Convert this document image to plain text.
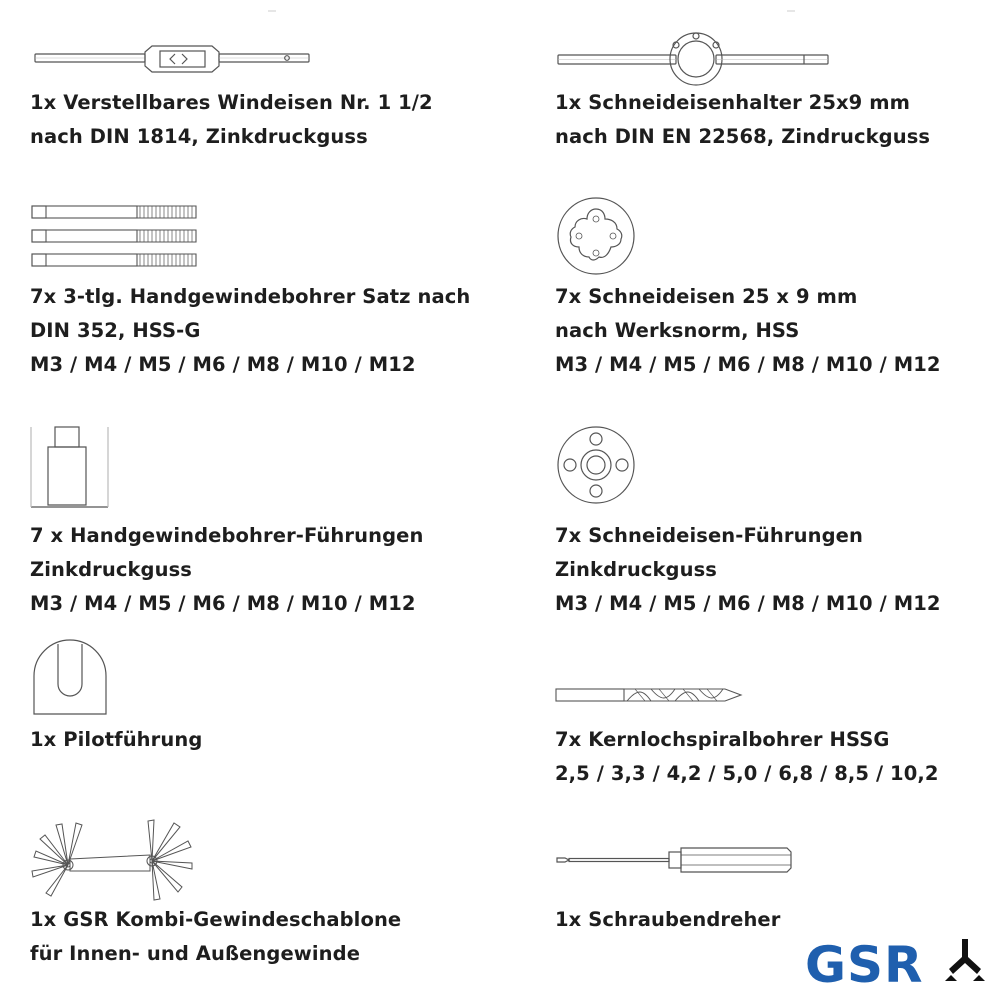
1x Verstellbares Windeisen Nr. 1 1/2
nach DIN 1814, Zinkdruckguss
1x Schneideisenhalter 25x9 mm
nach DIN EN 22568, Zindruckguss
7x 3-tlg. Handgewindebohrer Satz nach
DIN 352, HSS-G
M3 / M4 / M5 / M6 / M8 / M10 / M12
7x Schneideisen 25 x 9 mm
nach Werksnorm, HSS
M3 / M4 / M5 / M6 / M8 / M10 / M12
7 x Handgewindebohrer-Führungen
Zinkdruckguss
M3 / M4 / M5 / M6 / M8 / M10 / M12
7x Schneideisen-Führungen
Zinkdruckguss
M3 / M4 / M5 / M6 / M8 / M10 / M12
1x Pilotführung	7x Kernlochspiralbohrer HSSG
2,5 / 3,3 / 4,2 / 5,0 / 6,8 / 8,5 / 10,2
1x GSR Kombi-Gewindeschablone
für Innen- und Außengewinde
1x Schraubendreher
GSR
